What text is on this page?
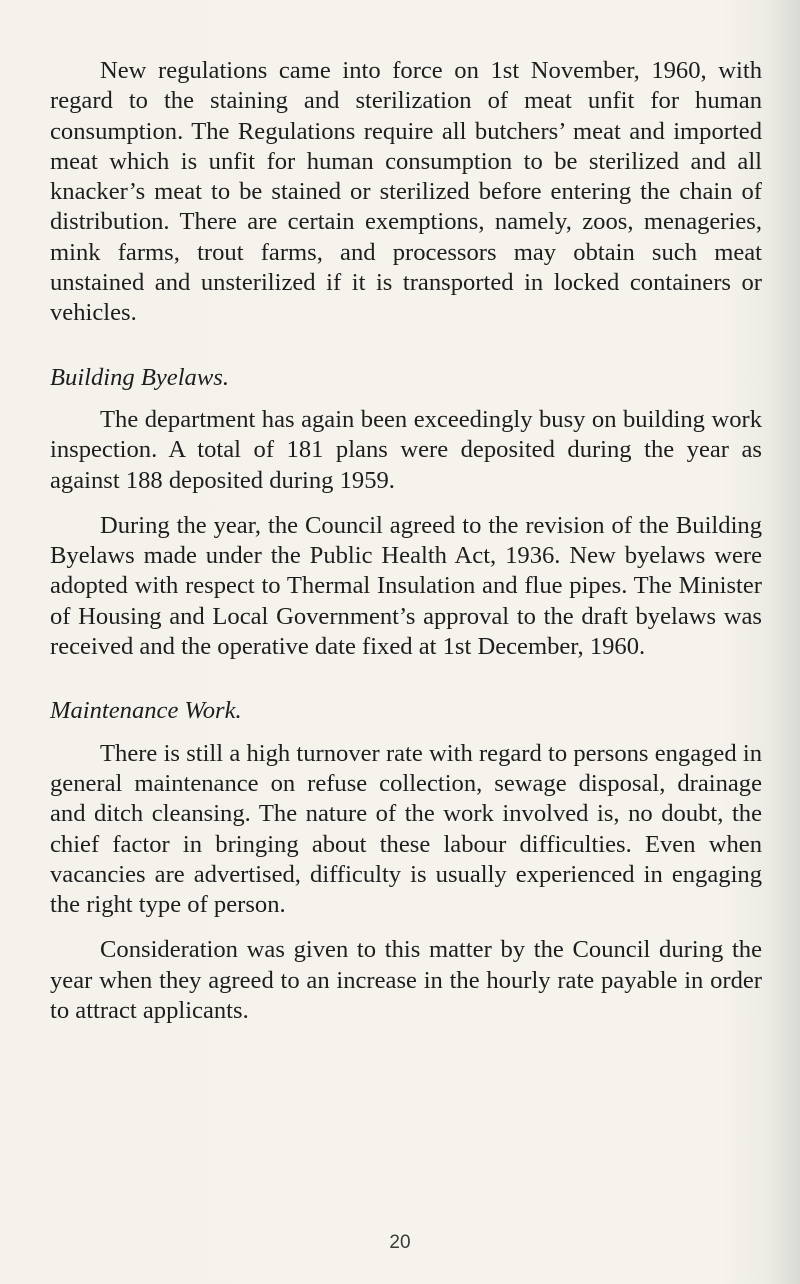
New regulations came into force on 1st November, 1960, with regard to the staining and sterilization of meat unfit for human consumption. The Regulations require all butchers’ meat and imported meat which is unfit for human consumption to be sterilized and all knacker’s meat to be stained or sterilized before entering the chain of distribution. There are certain exemptions, namely, zoos, menageries, mink farms, trout farms, and processors may obtain such meat unstained and unsterilized if it is transported in locked containers or vehicles.

Building Byelaws.

The department has again been exceedingly busy on building work inspection. A total of 181 plans were deposited during the year as against 188 deposited during 1959.

During the year, the Council agreed to the revision of the Building Byelaws made under the Public Health Act, 1936. New byelaws were adopted with respect to Thermal Insulation and flue pipes. The Minister of Housing and Local Government’s approval to the draft byelaws was received and the operative date fixed at 1st December, 1960.

Maintenance Work.

There is still a high turnover rate with regard to persons engaged in general maintenance on refuse collection, sewage disposal, drainage and ditch cleansing. The nature of the work involved is, no doubt, the chief factor in bringing about these labour difficulties. Even when vacancies are advertised, difficulty is usually experienced in engaging the right type of person.

Consideration was given to this matter by the Council during the year when they agreed to an increase in the hourly rate payable in order to attract applicants.

20
